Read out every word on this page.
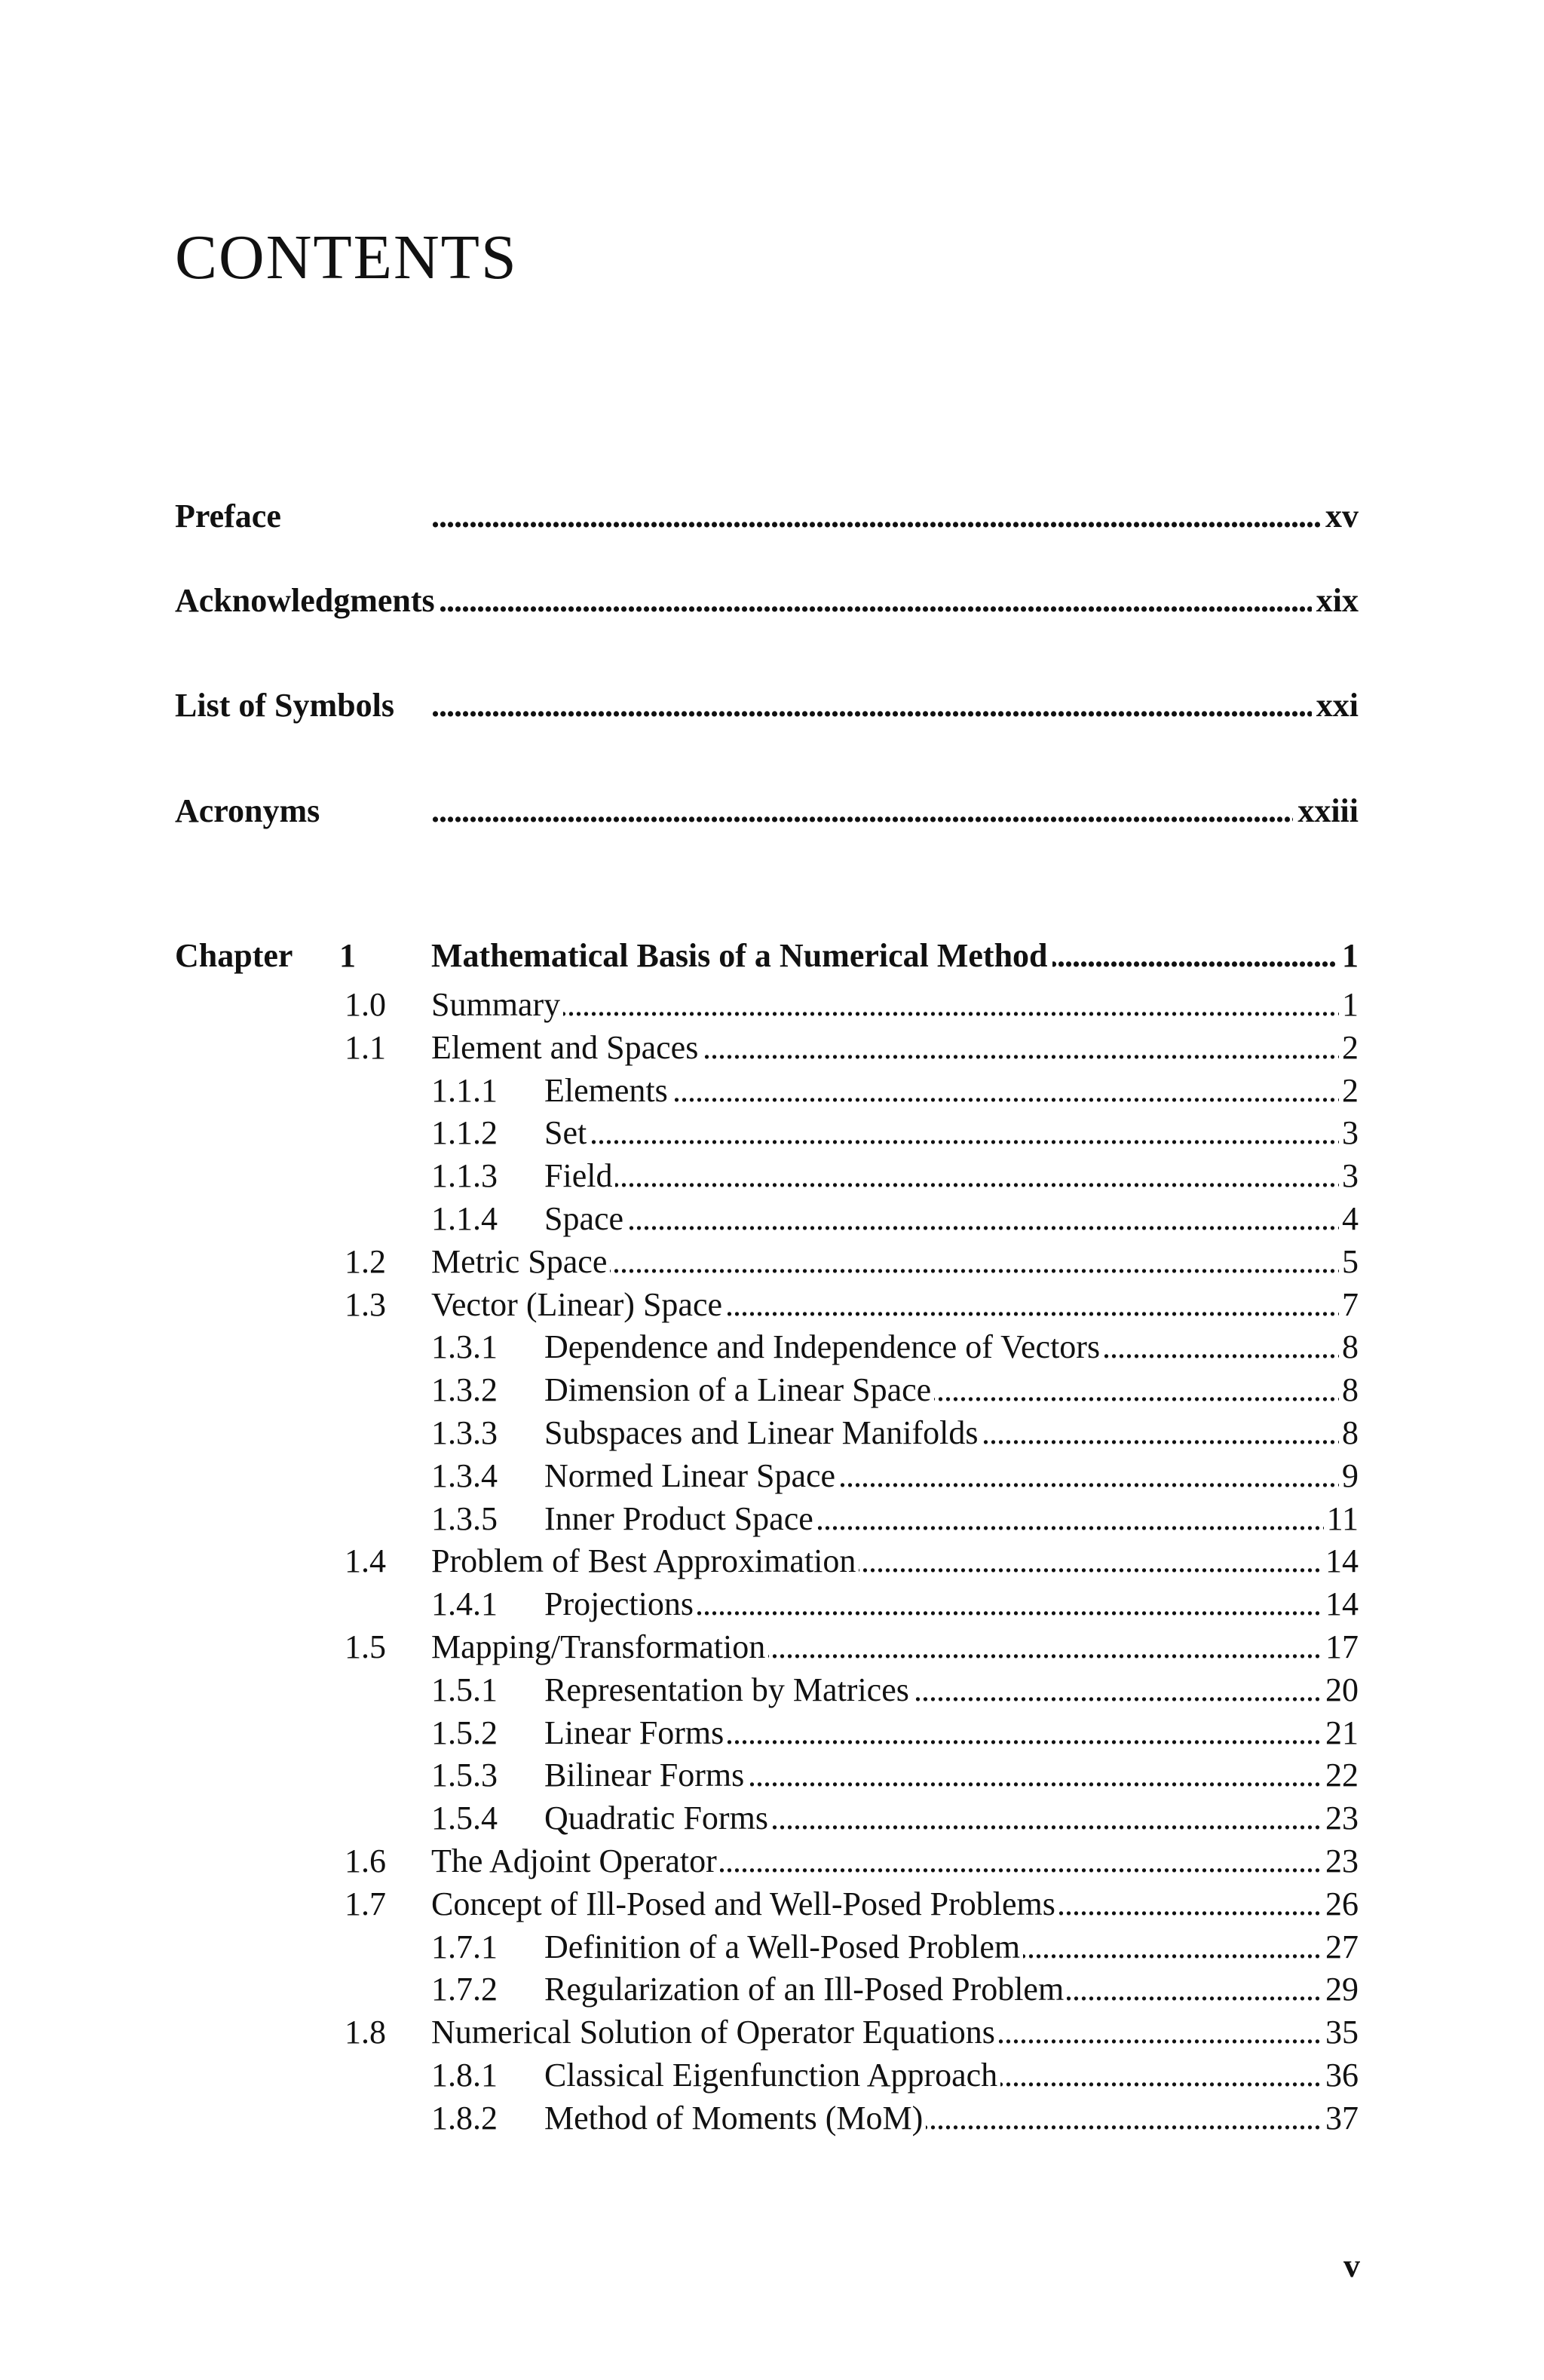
CONTENTS
. . .
Preface	xv
. . .
Acknowledgments	xix
. . .
List of Symbols	xxi
. . .
Acronyms	xxiii
Chapter 1 . . . Mathematical Basis of a Numerical Method	1
1.0 . . . Summary	1
1.1 . . . Element and Spaces	2
1.1.1 . . . Elements	2
1.1.2 . . . Set	3
1.1.3 . . . Field	3
1.1.4 . . . Space	4
1.2 . . . Metric Space	5
1.3 . . . Vector (Linear) Space	7
1.3.1 . . . Dependence and Independence of Vectors	8
1.3.2 . . . Dimension of a Linear Space	8
1.3.3 . . . Subspaces and Linear Manifolds	8
1.3.4 . . . Normed Linear Space	9
1.3.5 . . . Inner Product Space	11
1.4 . . . Problem of Best Approximation	14
1.4.1 . . . Projections	14
1.5 . . . Mapping/Transformation	17
1.5.1 . . . Representation by Matrices	20
1.5.2 . . . Linear Forms	21
1.5.3 . . . Bilinear Forms	22
1.5.4 . . . Quadratic Forms	23
1.6 . . . The Adjoint Operator	23
1.7 . . . Concept of Ill-Posed and Well-Posed Problems	26
1.7.1 . . . Definition of a Well-Posed Problem	27
1.7.2 . . . Regularization of an Ill-Posed Problem	29
1.8 . . . Numerical Solution of Operator Equations	35
1.8.1 . . . Classical Eigenfunction Approach	36
1.8.2 . . . Method of Moments (MoM)	37
v
